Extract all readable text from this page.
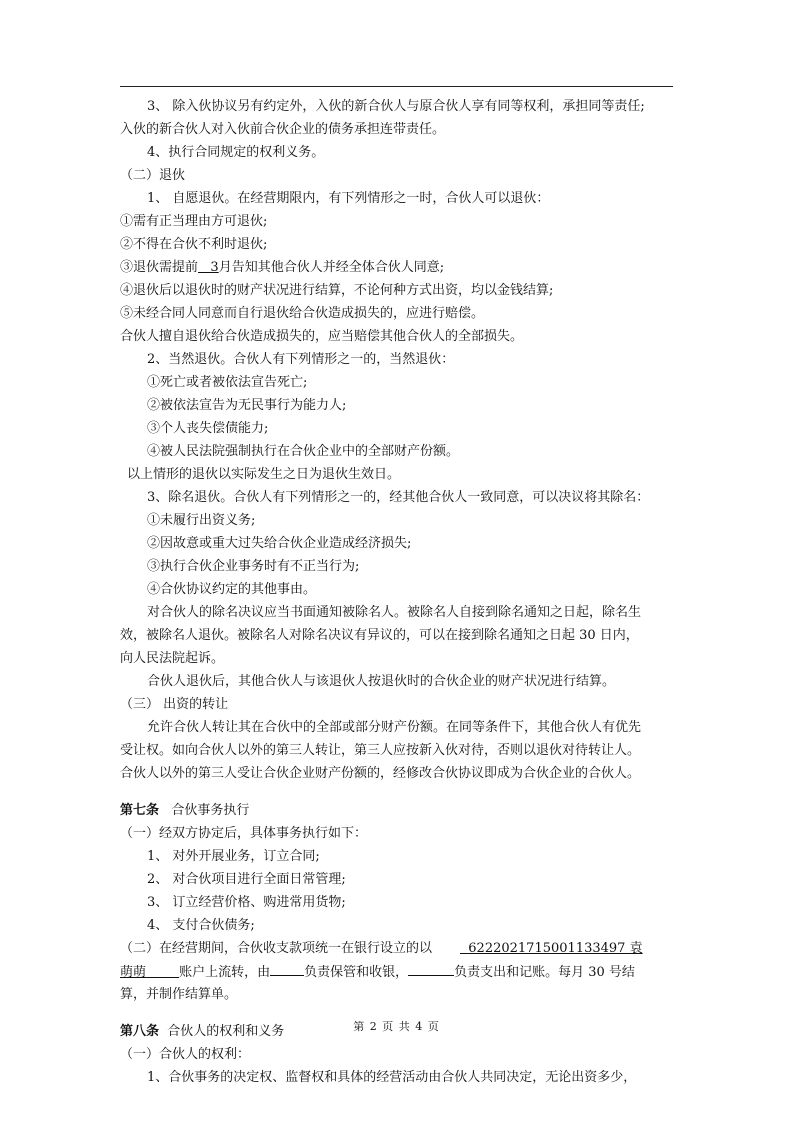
3、 除入伙协议另有约定外，入伙的新合伙人与原合伙人享有同等权利，承担同等责任;
入伙的新合伙人对入伙前合伙企业的债务承担连带责任。
4、执行合同规定的权利义务。
（二）退伙
1、 自愿退伙。在经营期限内，有下列情形之一时，合伙人可以退伙：
①需有正当理由方可退伙;
②不得在合伙不利时退伙;
③退伙需提前 3月告知其他合伙人并经全体合伙人同意;
④退伙后以退伙时的财产状况进行结算，不论何种方式出资，均以金钱结算;
⑤未经合同人同意而自行退伙给合伙造成损失的，应进行赔偿。
合伙人擅自退伙给合伙造成损失的，应当赔偿其他合伙人的全部损失。
2、当然退伙。合伙人有下列情形之一的，当然退伙：
①死亡或者被依法宣告死亡;
②被依法宣告为无民事行为能力人;
③个人丧失偿债能力;
④被人民法院强制执行在合伙企业中的全部财产份额。
以上情形的退伙以实际发生之日为退伙生效日。
3、除名退伙。合伙人有下列情形之一的，经其他合伙人一致同意，可以决议将其除名：
①未履行出资义务;
②因故意或重大过失给合伙企业造成经济损失;
③执行合伙企业事务时有不正当行为;
④合伙协议约定的其他事由。
对合伙人的除名决议应当书面通知被除名人。被除名人自接到除名通知之日起，除名生
效，被除名人退伙。被除名人对除名决议有异议的，可以在接到除名通知之日起 30 日内，
向人民法院起诉。
合伙人退伙后，其他合伙人与该退伙人按退伙时的合伙企业的财产状况进行结算。
（三） 出资的转让
允许合伙人转让其在合伙中的全部或部分财产份额。在同等条件下，其他合伙人有优先
受让权。如向合伙人以外的第三人转让，第三人应按新入伙对待，否则以退伙对待转让人。
合伙人以外的第三人受让合伙企业财产份额的，经修改合伙协议即成为合伙企业的合伙人。
第七条 合伙事务执行
（一）经双方协定后，具体事务执行如下：
1、 对外开展业务，订立合同;
2、 对合伙项目进行全面日常管理;
3、 订立经营价格、购进常用货物;
4、 支付合伙债务;
（二）在经营期间，合伙收支款项统一在银行设立的以	6222021715001133497 袁
萌萌	账户上流转，由	负责保管和收银，	负责支出和记账。每月 30 号结
算，并制作结算单。
第八条 合伙人的权利和义务
（一）合伙人的权利：
1、合伙事务的决定权、监督权和具体的经营活动由合伙人共同决定，无论出资多少，
第 2 页 共 4 页
